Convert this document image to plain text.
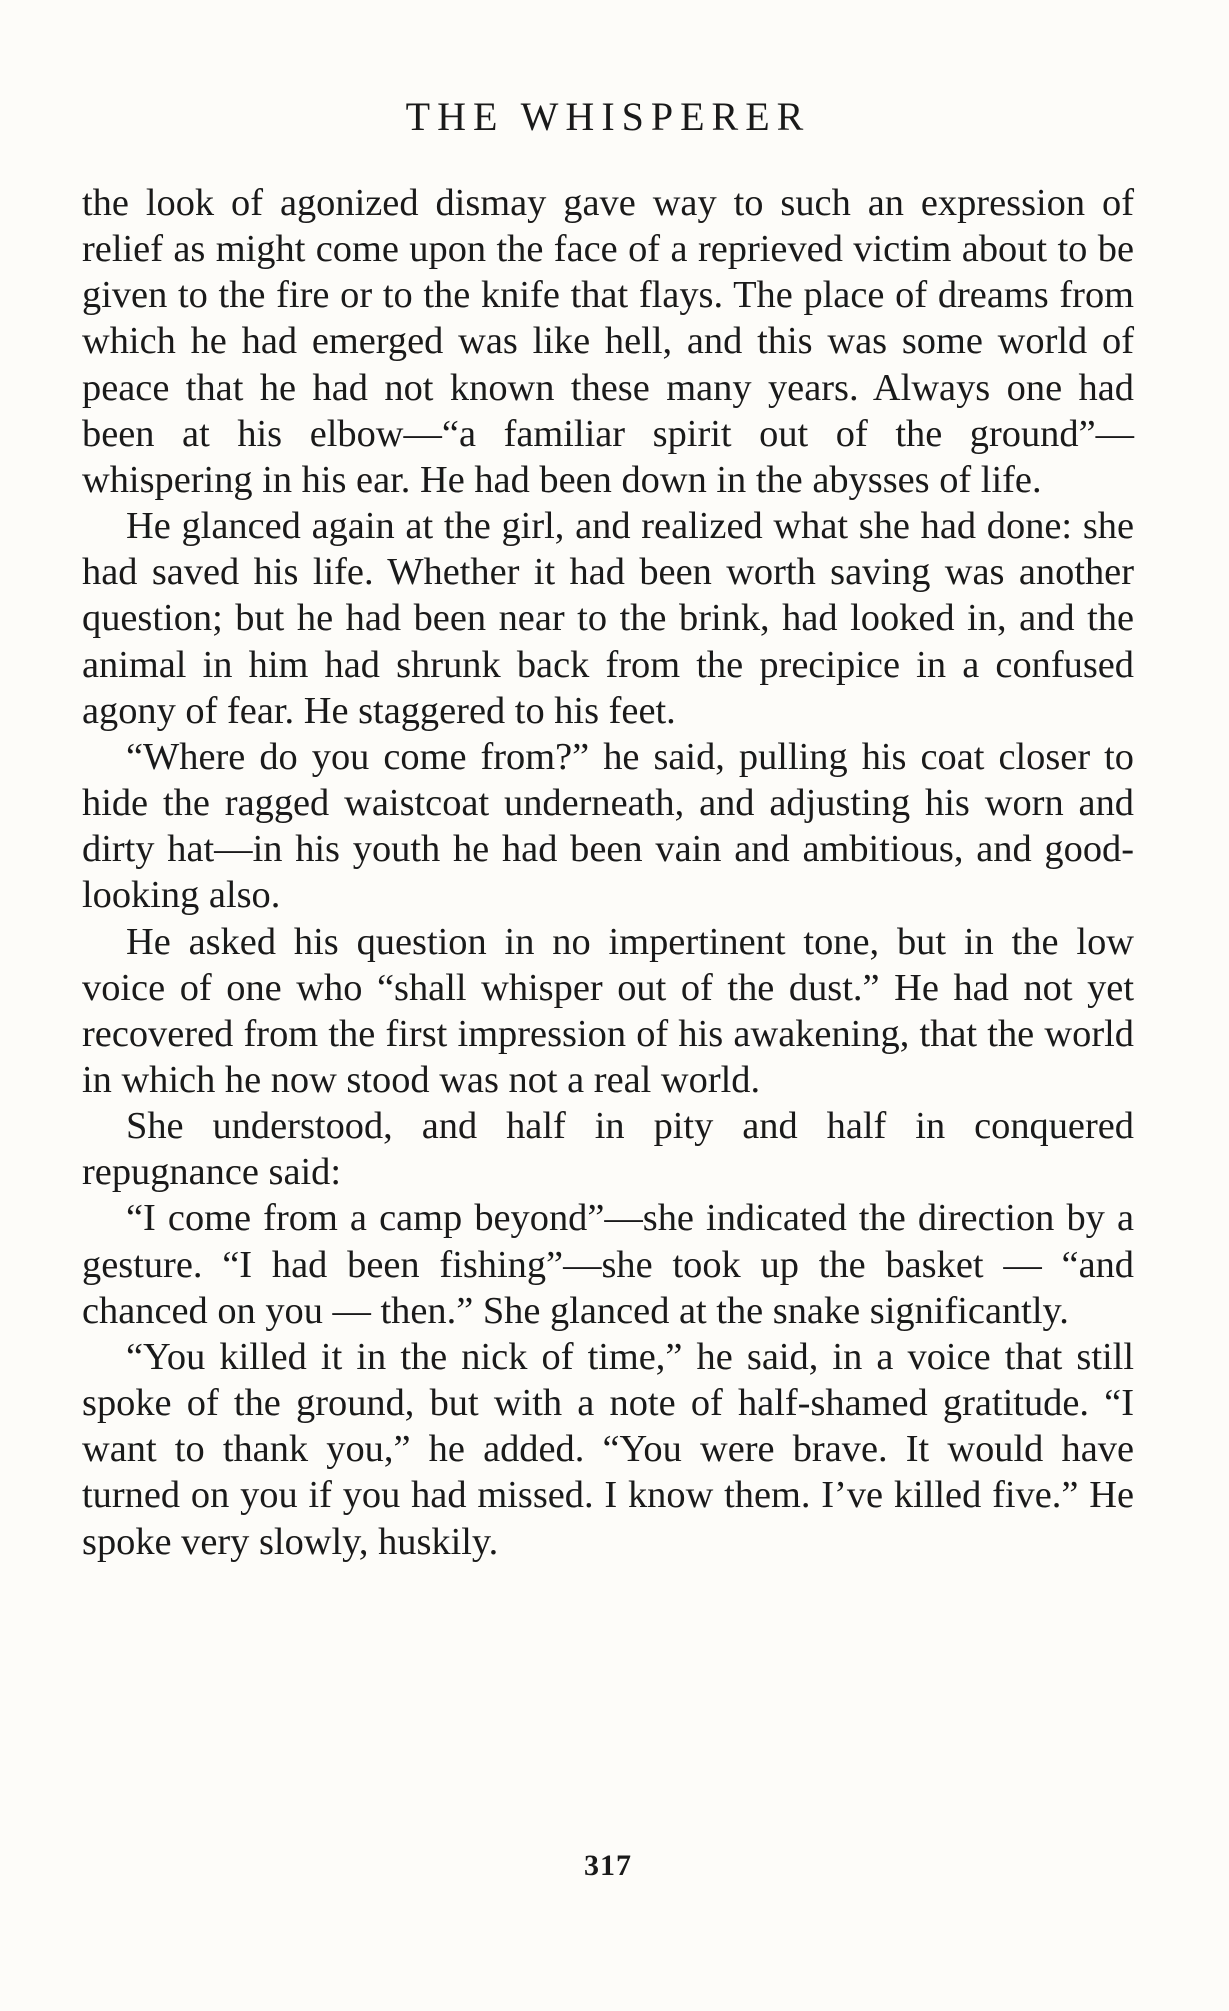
THE WHISPERER

the look of agonized dismay gave way to such an expression of relief as might come upon the face of a reprieved victim about to be given to the fire or to the knife that flays. The place of dreams from which he had emerged was like hell, and this was some world of peace that he had not known these many years. Always one had been at his elbow—“a familiar spirit out of the ground”—whispering in his ear. He had been down in the abysses of life.

He glanced again at the girl, and realized what she had done: she had saved his life. Whether it had been worth saving was another question; but he had been near to the brink, had looked in, and the animal in him had shrunk back from the precipice in a confused agony of fear. He staggered to his feet.

“Where do you come from?” he said, pulling his coat closer to hide the ragged waistcoat underneath, and adjusting his worn and dirty hat—in his youth he had been vain and ambitious, and good-looking also.

He asked his question in no impertinent tone, but in the low voice of one who “shall whisper out of the dust.” He had not yet recovered from the first impression of his awakening, that the world in which he now stood was not a real world.

She understood, and half in pity and half in conquered repugnance said:

“I come from a camp beyond”—she indicated the direction by a gesture. “I had been fishing”—she took up the basket — “and chanced on you — then.” She glanced at the snake significantly.

“You killed it in the nick of time,” he said, in a voice that still spoke of the ground, but with a note of half-shamed gratitude. “I want to thank you,” he added. “You were brave. It would have turned on you if you had missed. I know them. I’ve killed five.” He spoke very slowly, huskily.

317
